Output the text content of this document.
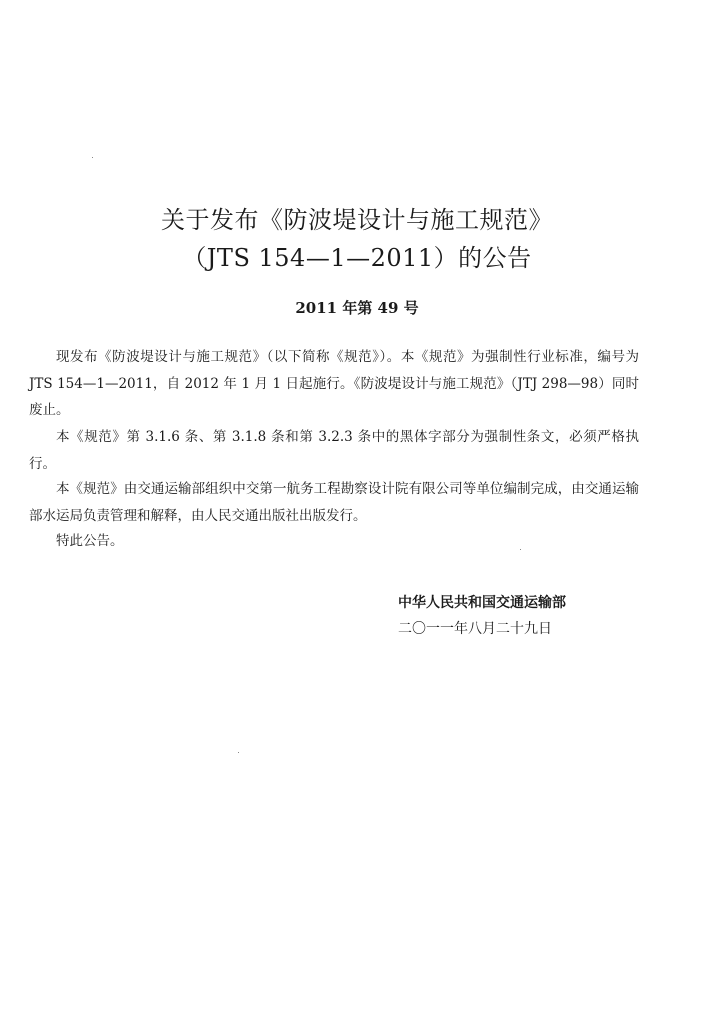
关于发布《防波堤设计与施工规范》
（JTS 154—1—2011）的公告
2011 年第 49 号
现发布《防波堤设计与施工规范》（以下简称《规范》）。本《规范》为强制性行业标准，编号为 JTS 154—1—2011，自 2012 年 1 月 1 日起施行。《防波堤设计与施工规范》（JTJ 298—98）同时废止。
本《规范》第 3.1.6 条、第 3.1.8 条和第 3.2.3 条中的黑体字部分为强制性条文，必须严格执行。
本《规范》由交通运输部组织中交第一航务工程勘察设计院有限公司等单位编制完成，由交通运输部水运局负责管理和解释，由人民交通出版社出版发行。
特此公告。
中华人民共和国交通运输部
二〇一一年八月二十九日
